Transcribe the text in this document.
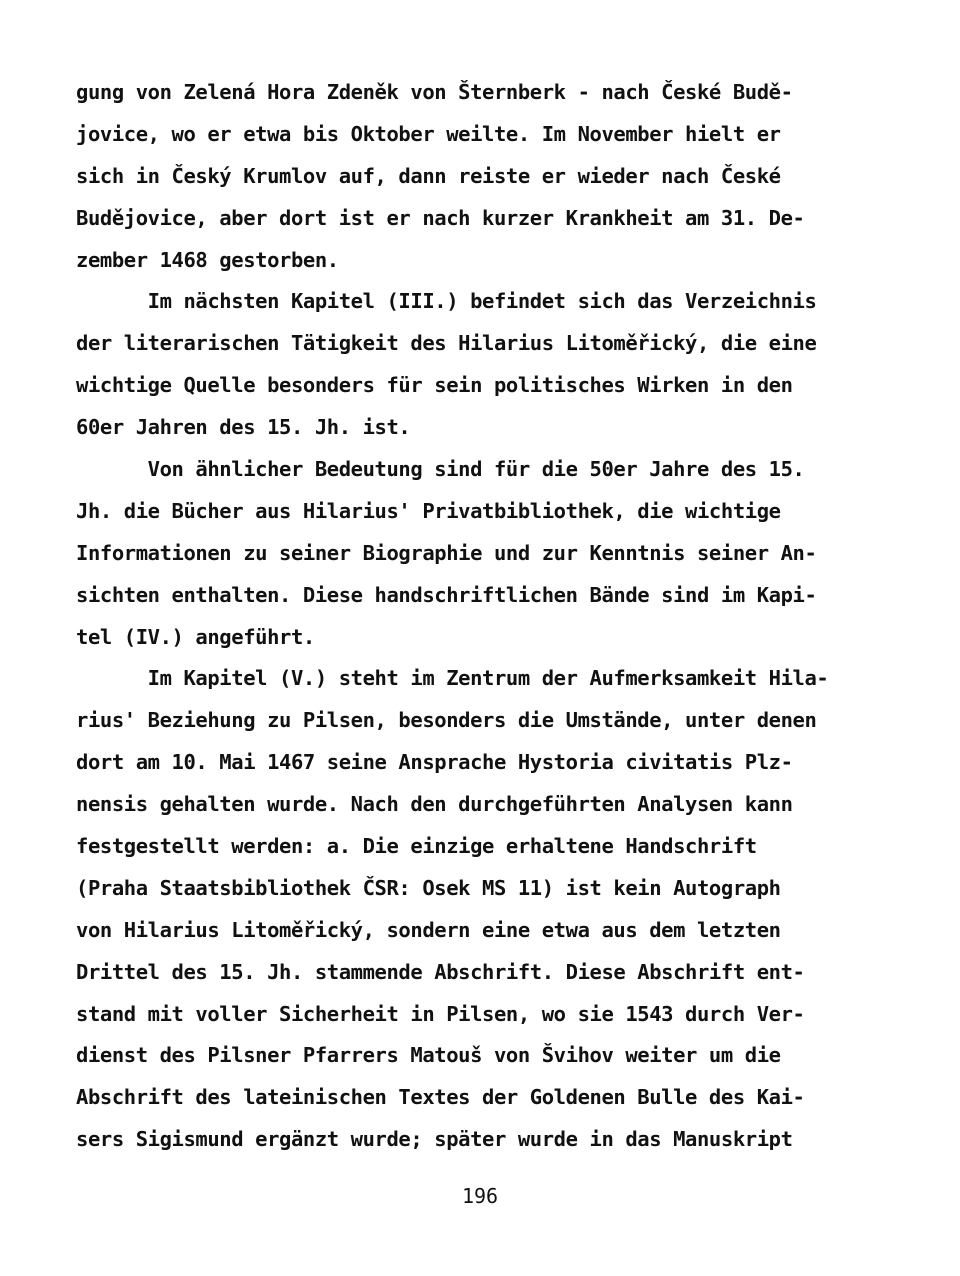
gung von Zelená Hora Zdeněk von Šternberk - nach České Budě-
jovice, wo er etwa bis Oktober weilte. Im November hielt er
sich in Český Krumlov auf, dann reiste er wieder nach České
Budějovice, aber dort ist er nach kurzer Krankheit am 31. De-
zember 1468 gestorben.
Im nächsten Kapitel (III.) befindet sich das Verzeichnis
der literarischen Tätigkeit des Hilarius Litoměřický, die eine
wichtige Quelle besonders für sein politisches Wirken in den
60er Jahren des 15. Jh. ist.
Von ähnlicher Bedeutung sind für die 50er Jahre des 15.
Jh. die Bücher aus Hilarius' Privatbibliothek, die wichtige
Informationen zu seiner Biographie und zur Kenntnis seiner An-
sichten enthalten. Diese handschriftlichen Bände sind im Kapi-
tel (IV.) angeführt.
Im Kapitel (V.) steht im Zentrum der Aufmerksamkeit Hila-
rius' Beziehung zu Pilsen, besonders die Umstände, unter denen
dort am 10. Mai 1467 seine Ansprache Hystoria civitatis Plz-
nensis gehalten wurde. Nach den durchgeführten Analysen kann
festgestellt werden: a. Die einzige erhaltene Handschrift
(Praha Staatsbibliothek ČSR: Osek MS 11) ist kein Autograph
von Hilarius Litoměřický, sondern eine etwa aus dem letzten
Drittel des 15. Jh. stammende Abschrift. Diese Abschrift ent-
stand mit voller Sicherheit in Pilsen, wo sie 1543 durch Ver-
dienst des Pilsner Pfarrers Matouš von Švihov weiter um die
Abschrift des lateinischen Textes der Goldenen Bulle des Kai-
sers Sigismund ergänzt wurde; später wurde in das Manuskript
196
